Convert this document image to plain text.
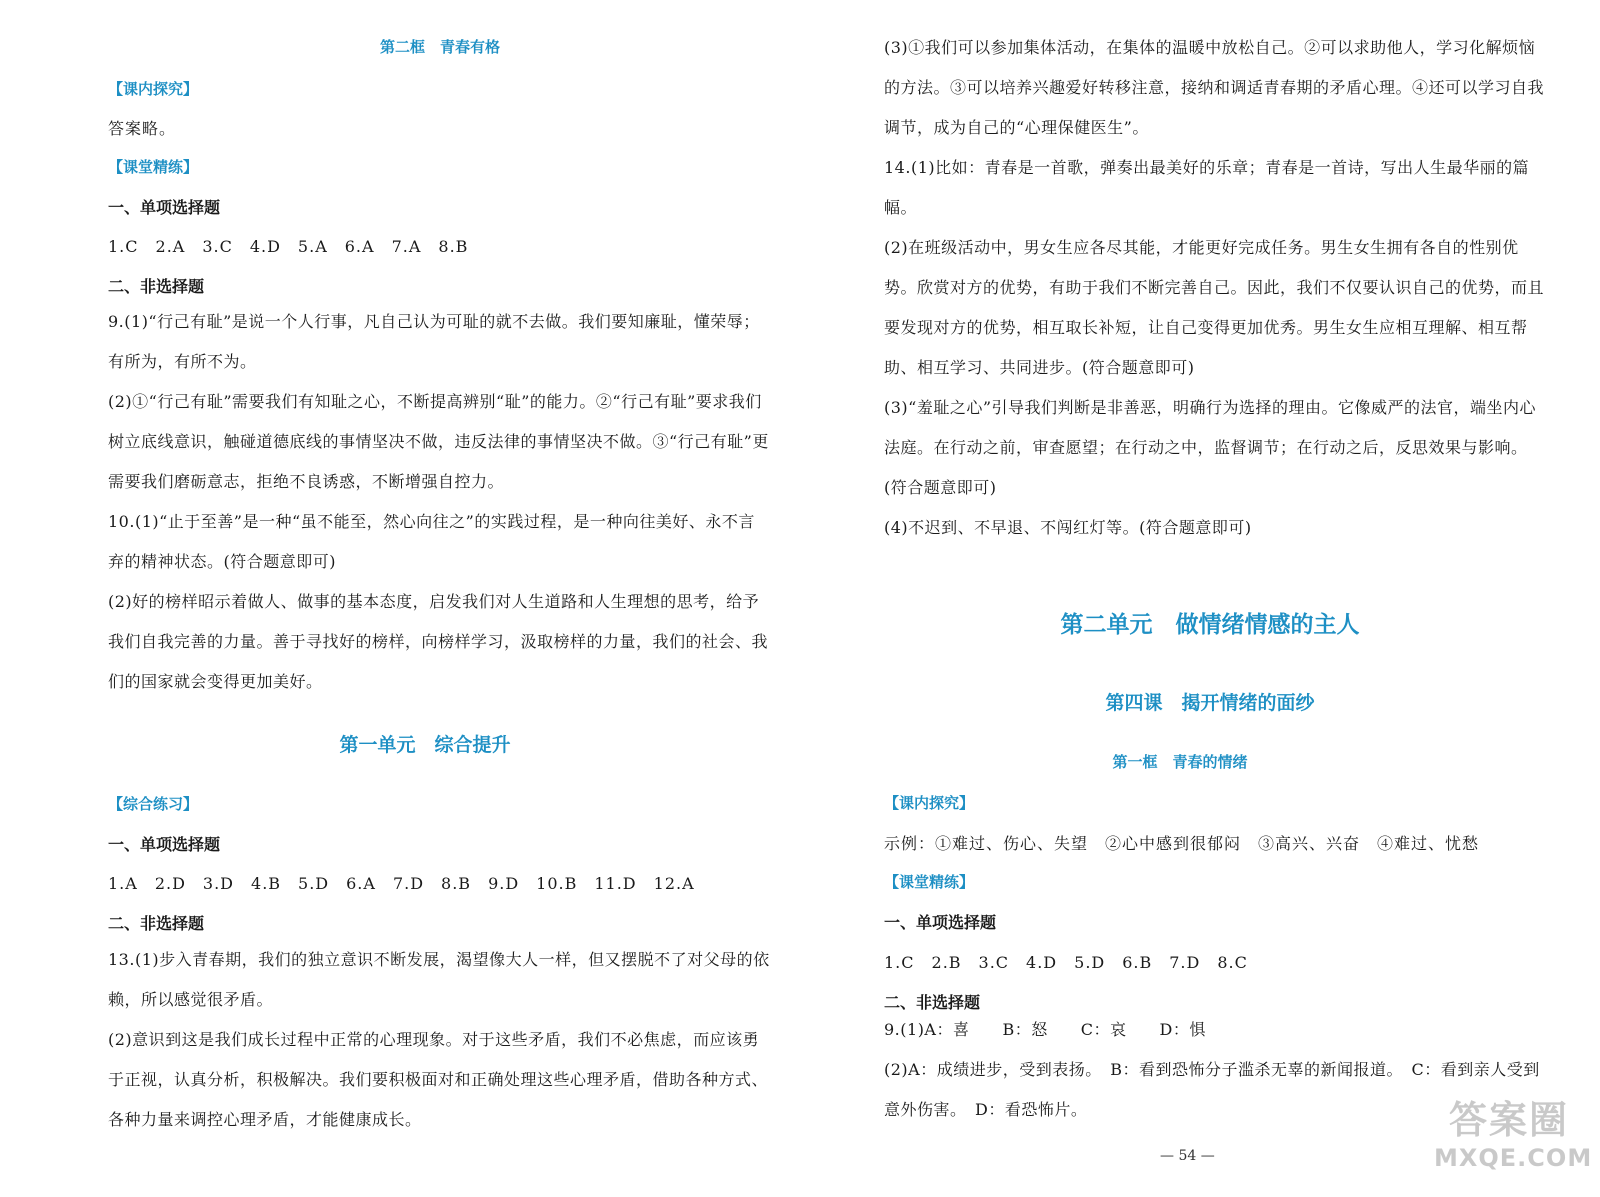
第二框　青春有格
【课内探究】
答案略。
【课堂精练】
一、单项选择题
1.C　2.A　3.C　4.D　5.A　6.A　7.A　8.B
二、非选择题

9.(1)“行己有耻”是说一个人行事，凡自己认为可耻的就不去做。我们要知廉耻，懂荣辱；有所为，有所不为。

(2)①“行己有耻”需要我们有知耻之心，不断提高辨别“耻”的能力。②“行己有耻”要求我们树立底线意识，触碰道德底线的事情坚决不做，违反法律的事情坚决不做。③“行己有耻”更需要我们磨砺意志，拒绝不良诱惑，不断增强自控力。

10.(1)“止于至善”是一种“虽不能至，然心向往之”的实践过程，是一种向往美好、永不言弃的精神状态。(符合题意即可)

(2)好的榜样昭示着做人、做事的基本态度，启发我们对人生道路和人生理想的思考，给予我们自我完善的力量。善于寻找好的榜样，向榜样学习，汲取榜样的力量，我们的社会、我们的国家就会变得更加美好。

第一单元　综合提升
【综合练习】
一、单项选择题
1.A　2.D　3.D　4.B　5.D　6.A　7.D　8.B　9.D　10.B　11.D　12.A
二、非选择题

13.(1)步入青春期，我们的独立意识不断发展，渴望像大人一样，但又摆脱不了对父母的依赖，所以感觉很矛盾。

(2)意识到这是我们成长过程中正常的心理现象。对于这些矛盾，我们不必焦虑，而应该勇于正视，认真分析，积极解决。我们要积极面对和正确处理这些心理矛盾，借助各种方式、各种力量来调控心理矛盾，才能健康成长。

(3)①我们可以参加集体活动，在集体的温暖中放松自己。②可以求助他人，学习化解烦恼的方法。③可以培养兴趣爱好转移注意，接纳和调适青春期的矛盾心理。④还可以学习自我调节，成为自己的“心理保健医生”。

14.(1)比如：青春是一首歌，弹奏出最美好的乐章；青春是一首诗，写出人生最华丽的篇幅。

(2)在班级活动中，男女生应各尽其能，才能更好完成任务。男生女生拥有各自的性别优势。欣赏对方的优势，有助于我们不断完善自己。因此，我们不仅要认识自己的优势，而且要发现对方的优势，相互取长补短，让自己变得更加优秀。男生女生应相互理解、相互帮助、相互学习、共同进步。(符合题意即可)

(3)“羞耻之心”引导我们判断是非善恶，明确行为选择的理由。它像威严的法官，端坐内心法庭。在行动之前，审查愿望；在行动之中，监督调节；在行动之后，反思效果与影响。(符合题意即可)

(4)不迟到、不早退、不闯红灯等。(符合题意即可)

第二单元　做情绪情感的主人
第四课　揭开情绪的面纱
第一框　青春的情绪
【课内探究】
示例：①难过、伤心、失望　②心中感到很郁闷　③高兴、兴奋　④难过、忧愁
【课堂精练】
一、单项选择题
1.C　2.B　3.C　4.D　5.D　6.B　7.D　8.C
二、非选择题

9.(1)A：喜　　B：怒　　C：哀　　D：惧

(2)A：成绩进步，受到表扬。　B：看到恐怖分子滥杀无辜的新闻报道。　C：看到亲人受到意外伤害。　D：看恐怖片。

— 54 —
答案圈
MXQE.COM
